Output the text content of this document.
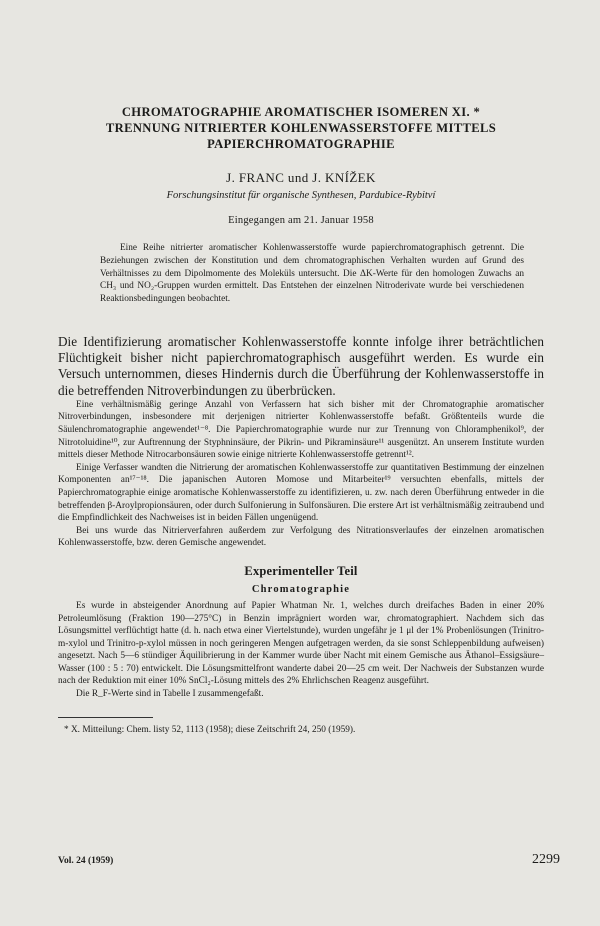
CHROMATOGRAPHIE AROMATISCHER ISOMEREN XI. *
TRENNUNG NITRIERTER KOHLENWASSERSTOFFE MITTELS
PAPIERCHROMATOGRAPHIE

J. FRANC und J. KNÍŽEK

Forschungsinstitut für organische Synthesen, Pardubice-Rybitví

Eingegangen am 21. Januar 1958

Eine Reihe nitrierter aromatischer Kohlenwasserstoffe wurde papierchromatographisch getrennt. Die Beziehungen zwischen der Konstitution und dem chromatographischen Verhalten wurden auf Grund des Verhältnisses zu dem Dipolmomente des Moleküls untersucht. Die ΔK-Werte für den homologen Zuwachs an CH₃ und NO₂-Gruppen wurden ermittelt. Das Entstehen der einzelnen Nitroderivate wurde bei verschiedenen Reaktionsbedingungen beobachtet.

Die Identifizierung aromatischer Kohlenwasserstoffe konnte infolge ihrer beträchtlichen Flüchtigkeit bisher nicht papierchromatographisch ausgeführt werden. Es wurde ein Versuch unternommen, dieses Hindernis durch die Überführung der Kohlenwasserstoffe in die betreffenden Nitroverbindungen zu überbrücken.

Eine verhältnismäßig geringe Anzahl von Verfassern hat sich bisher mit der Chromatographie aromatischer Nitroverbindungen, insbesondere mit derjenigen nitrierter Kohlenwasserstoffe befaßt. Größtenteils wurde die Säulenchromatographie angewendet¹⁻⁸. Die Papierchromatographie wurde nur zur Trennung von Chloramphenikol⁹, der Nitrotoluidine¹⁰, zur Auftrennung der Styphninsäure, der Pikrin- und Pikraminsäure¹¹ ausgenützt. An unserem Institute wurden mittels dieser Methode Nitrocarbonsäuren sowie einige nitrierte Kohlenwasserstoffe getrennt¹².

Einige Verfasser wandten die Nitrierung der aromatischen Kohlenwasserstoffe zur quantitativen Bestimmung der einzelnen Komponenten an¹⁷⁻¹⁸. Die japanischen Autoren Momose und Mitarbeiter¹⁹ versuchten ebenfalls, mittels der Papierchromatographie einige aromatische Kohlenwasserstoffe zu identifizieren, u. zw. nach deren Überführung entweder in die betreffenden β-Aroylpropionsäuren, oder durch Sulfonierung in Sulfonsäuren. Die erstere Art ist verhältnismäßig zeitraubend und die Empfindlichkeit des Nachweises ist in beiden Fällen ungenügend.

Bei uns wurde das Nitrierverfahren außerdem zur Verfolgung des Nitrationsverlaufes der einzelnen aromatischen Kohlenwasserstoffe, bzw. deren Gemische angewendet.

Experimenteller Teil
Chromatographie

Es wurde in absteigender Anordnung auf Papier Whatman Nr. 1, welches durch dreifaches Baden in einer 20% Petroleumlösung (Fraktion 190—275°C) in Benzin imprägniert worden war, chromatographiert. Nachdem sich das Lösungsmittel verflüchtigt hatte (d. h. nach etwa einer Viertelstunde), wurden ungefähr je 1 μl der 1% Probenlösungen (Trinitro-m-xylol und Trinitro-p-xylol müssen in noch geringeren Mengen aufgetragen werden, da sie sonst Schleppenbildung aufweisen) angesetzt. Nach 5—6 stündiger Äquilibrierung in der Kammer wurde über Nacht mit einem Gemische aus Äthanol–Essigsäure–Wasser (100 : 5 : 70) entwickelt. Die Lösungsmittelfront wanderte dabei 20—25 cm weit. Der Nachweis der Substanzen wurde nach der Reduktion mit einer 10% SnCl₂-Lösung mittels des 2% Ehrlichschen Reagenz ausgeführt.

Die R_F-Werte sind in Tabelle I zusammengefaßt.

* X. Mitteilung: Chem. listy 52, 1113 (1958); diese Zeitschrift 24, 250 (1959).

Vol. 24 (1959)	2299
